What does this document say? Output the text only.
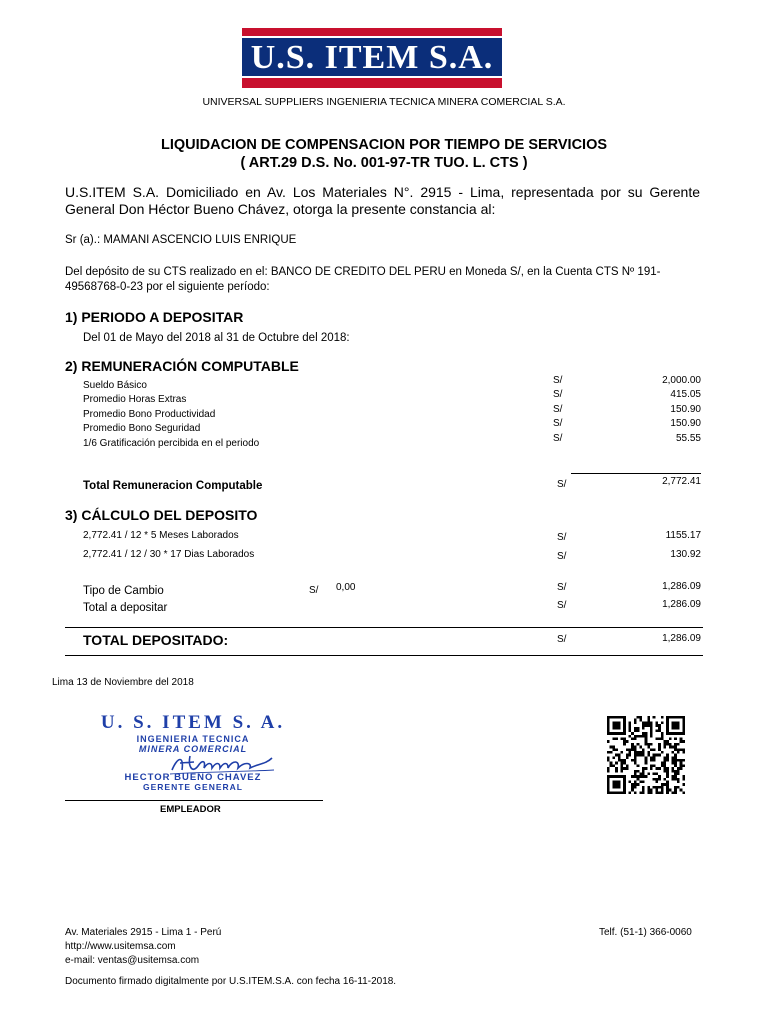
U.S. ITEM S.A.
UNIVERSAL SUPPLIERS INGENIERIA TECNICA MINERA COMERCIAL S.A.
LIQUIDACION DE COMPENSACION POR TIEMPO DE SERVICIOS
( ART.29 D.S. No. 001-97-TR TUO. L. CTS )
U.S.ITEM S.A. Domiciliado en Av. Los Materiales N°. 2915 - Lima, representada por su Gerente General Don Héctor Bueno Chávez, otorga la presente constancia al:
Sr (a).: MAMANI ASCENCIO LUIS ENRIQUE
Del depósito de su CTS realizado en el: BANCO DE CREDITO DEL PERU en Moneda S/, en la Cuenta CTS Nº 191-49568768-0-23 por el siguiente período:
1) PERIODO A DEPOSITAR
Del 01 de Mayo del 2018 al 31 de Octubre del 2018:
2) REMUNERACIÓN COMPUTABLE
Sueldo Básico	S/	2,000.00
Promedio Horas Extras	S/	415.05
Promedio Bono Productividad	S/	150.90
Promedio Bono Seguridad	S/	150.90
1/6 Gratificación percibida en el periodo	S/	55.55
Total Remuneracion Computable	S/	2,772.41
3) CÁLCULO DEL DEPOSITO
2,772.41 / 12 * 5 Meses Laborados	S/	1155.17
2,772.41 / 12 / 30 * 17 Dias Laborados	S/	130.92
Tipo de Cambio	S/ 0,00	S/	1,286.09
Total a depositar	S/	1,286.09
TOTAL DEPOSITADO:	S/	1,286.09
Lima 13 de Noviembre del 2018
U. S. ITEM S. A.
INGENIERIA TECNICA
MINERA COMERCIAL
HECTOR BUENO CHAVEZ
GERENTE GENERAL
EMPLEADOR
Av. Materiales 2915 - Lima 1 - Perú
http://www.usitemsa.com
e-mail: ventas@usitemsa.com
Telf. (51-1) 366-0060
Documento firmado digitalmente por U.S.ITEM.S.A. con fecha 16-11-2018.
